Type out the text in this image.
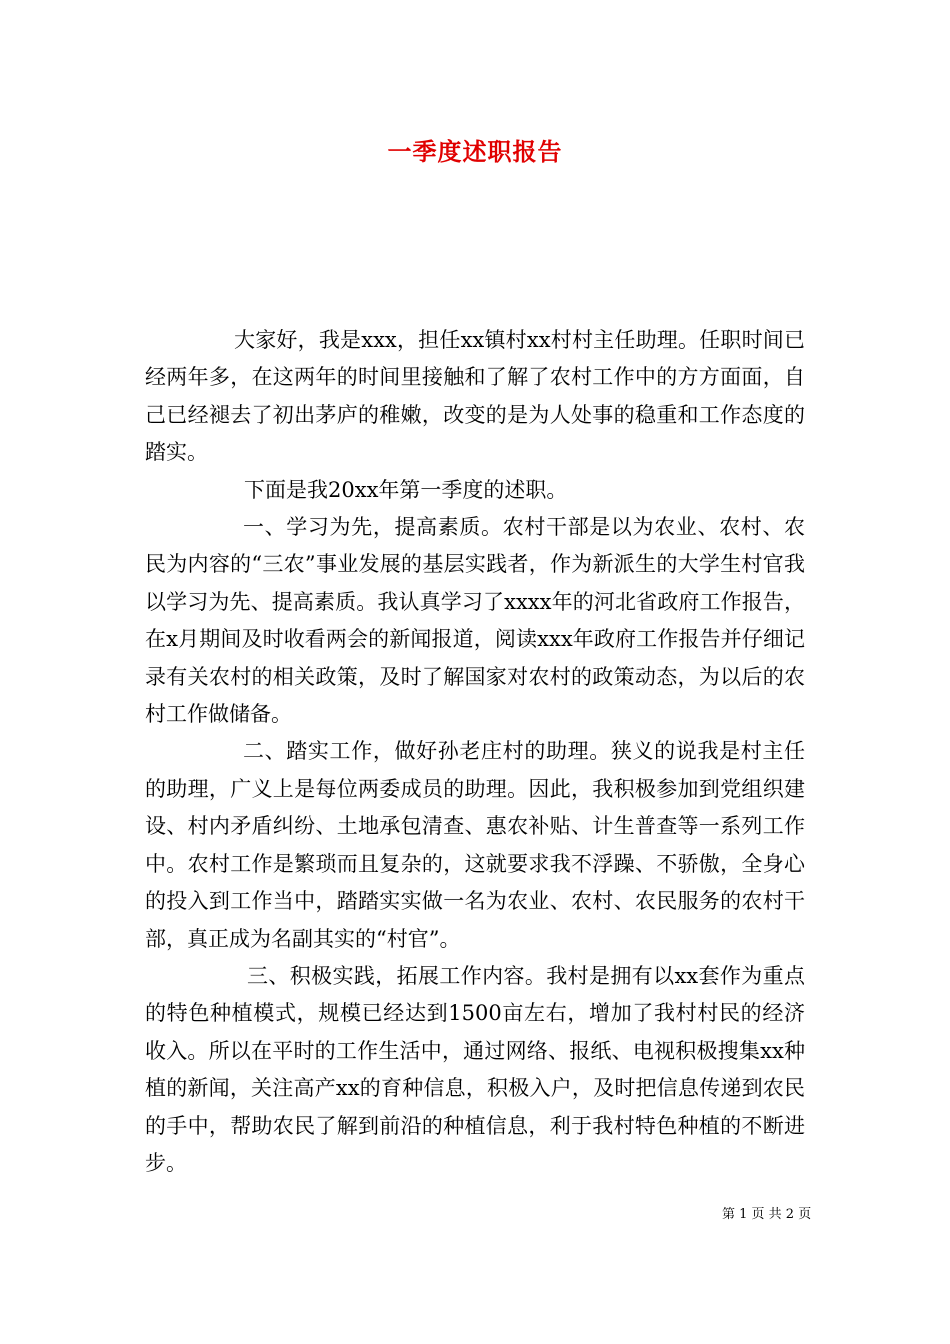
一季度述职报告

大家好，我是xxx，担任xx镇村xx村村主任助理。任职时间已经两年多，在这两年的时间里接触和了解了农村工作中的方方面面，自己已经褪去了初出茅庐的稚嫩，改变的是为人处事的稳重和工作态度的踏实。

下面是我20xx年第一季度的述职。

一、学习为先，提高素质。农村干部是以为农业、农村、农民为内容的“三农”事业发展的基层实践者，作为新派生的大学生村官我以学习为先、提高素质。我认真学习了xxxx年的河北省政府工作报告，在x月期间及时收看两会的新闻报道，阅读xxx年政府工作报告并仔细记录有关农村的相关政策，及时了解国家对农村的政策动态，为以后的农村工作做储备。

二、踏实工作，做好孙老庄村的助理。狭义的说我是村主任的助理，广义上是每位两委成员的助理。因此，我积极参加到党组织建设、村内矛盾纠纷、土地承包清查、惠农补贴、计生普查等一系列工作中。农村工作是繁琐而且复杂的，这就要求我不浮躁、不骄傲，全身心的投入到工作当中，踏踏实实做一名为农业、农村、农民服务的农村干部，真正成为名副其实的“村官”。

三、积极实践，拓展工作内容。我村是拥有以xx套作为重点的特色种植模式，规模已经达到1500亩左右，增加了我村村民的经济收入。所以在平时的工作生活中，通过网络、报纸、电视积极搜集xx种植的新闻，关注高产xx的育种信息，积极入户，及时把信息传递到农民的手中，帮助农民了解到前沿的种植信息，利于我村特色种植的不断进步。

第 1 页 共 2 页
